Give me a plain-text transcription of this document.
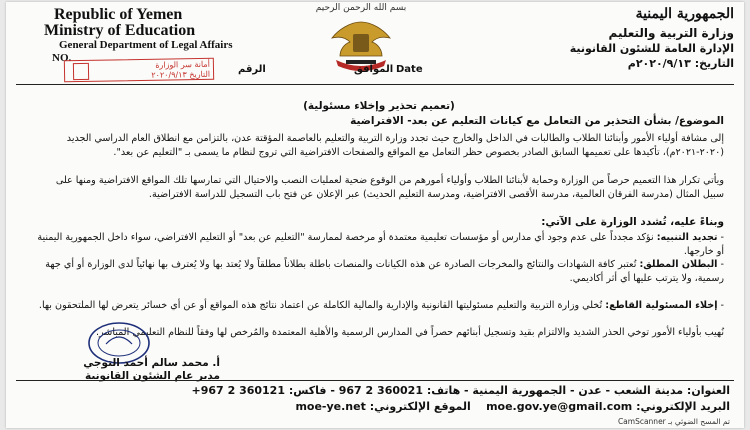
Republic of Yemen
Ministry of Education
General Department of Legal Affairs
NO.
بسم الله الرحمن الرحيم	الجمهورية اليمنية
وزارة التربية والتعليم
الإدارة العامة للشئون القانونية
التاريخ: ٢٠٢٠/٩/١٣م
الرقم	Date
الموافق
أمانة سر الوزارة
التاريخ ٢٠٢٠/٩/١٣
(تعميم تحذير وإخلاء مسئولية)
الموضوع/ بشأن التحذير من التعامل مع كيانات التعليم عن بعد- الافتراضية
إلى مشافة أولياء الأمور وأبنائنا الطلاب والطالبات في الداخل والخارج حيث تجدد وزارة التربية والتعليم بالعاصمة المؤقتة عدن، بالتزامن مع انطلاق العام الدراسي الجديد (٢٠٢٠-٢٠٢١م)، تأكيدها على تعميمها السابق الصادر بخصوص حظر التعامل مع المواقع والصفحات الافتراضية التي تروج لنظام ما يسمى بـ "التعليم عن بعد".
ويأتي تكرار هذا التعميم حرصاً من الوزارة وحماية لأبنائنا الطلاب وأولياء أمورهم من الوقوع ضحية لعمليات النصب والاحتيال التي تمارسها تلك المواقع الافتراضية ومنها على سبيل المثال (مدرسة الفرقان العالمية، مدرسة الأقصى الافتراضية، ومدرسة التعليم الحديث) عبر الإعلان عن فتح باب التسجيل للدراسة الافتراضية.
وبناءً عليه، تُشدد الوزارة على الآتي:
- تجديد التنبيه: نؤكد مجدداً على عدم وجود أي مدارس أو مؤسسات تعليمية معتمدة أو مرخصة لممارسة "التعليم عن بعد" أو التعليم الافتراضي، سواء داخل الجمهورية اليمنية أو خارجها.
- البطلان المطلق: تُعتبر كافة الشهادات والنتائج والمخرجات الصادرة عن هذه الكيانات والمنصات باطلة بطلاناً مطلقاً ولا يُعتد بها ولا يُعترف بها نهائياً لدى الوزارة أو أي جهة رسمية، ولا يترتب عليها أي أثر أكاديمي.
- إخلاء المسئولية القاطع: تُخلي وزارة التربية والتعليم مسئوليتها القانونية والإدارية والمالية الكاملة عن اعتماد نتائج هذه المواقع أو عن أي خسائر يتعرض لها الملتحقون بها.
نُهيب بأولياء الأمور توخي الحذر الشديد والالتزام بقيد وتسجيل أبنائهم حصراً في المدارس الرسمية والأهلية المعتمدة والمُرخص لها وفقاً للنظام التعليمي المباشر.
أ. محمد سالم أحمد التوجي
مدير عام الشئون القانونية
العنوان: مدينة الشعب - عدن - الجمهورية اليمنية - هاتف: 360021 2 967 - فاكس: 360121 2 967+
البريد الإلكتروني: moe.gov.ye@gmail.com    الموقع الإلكتروني: moe-ye.net
تم المسح الضوئي بـ CamScanner
